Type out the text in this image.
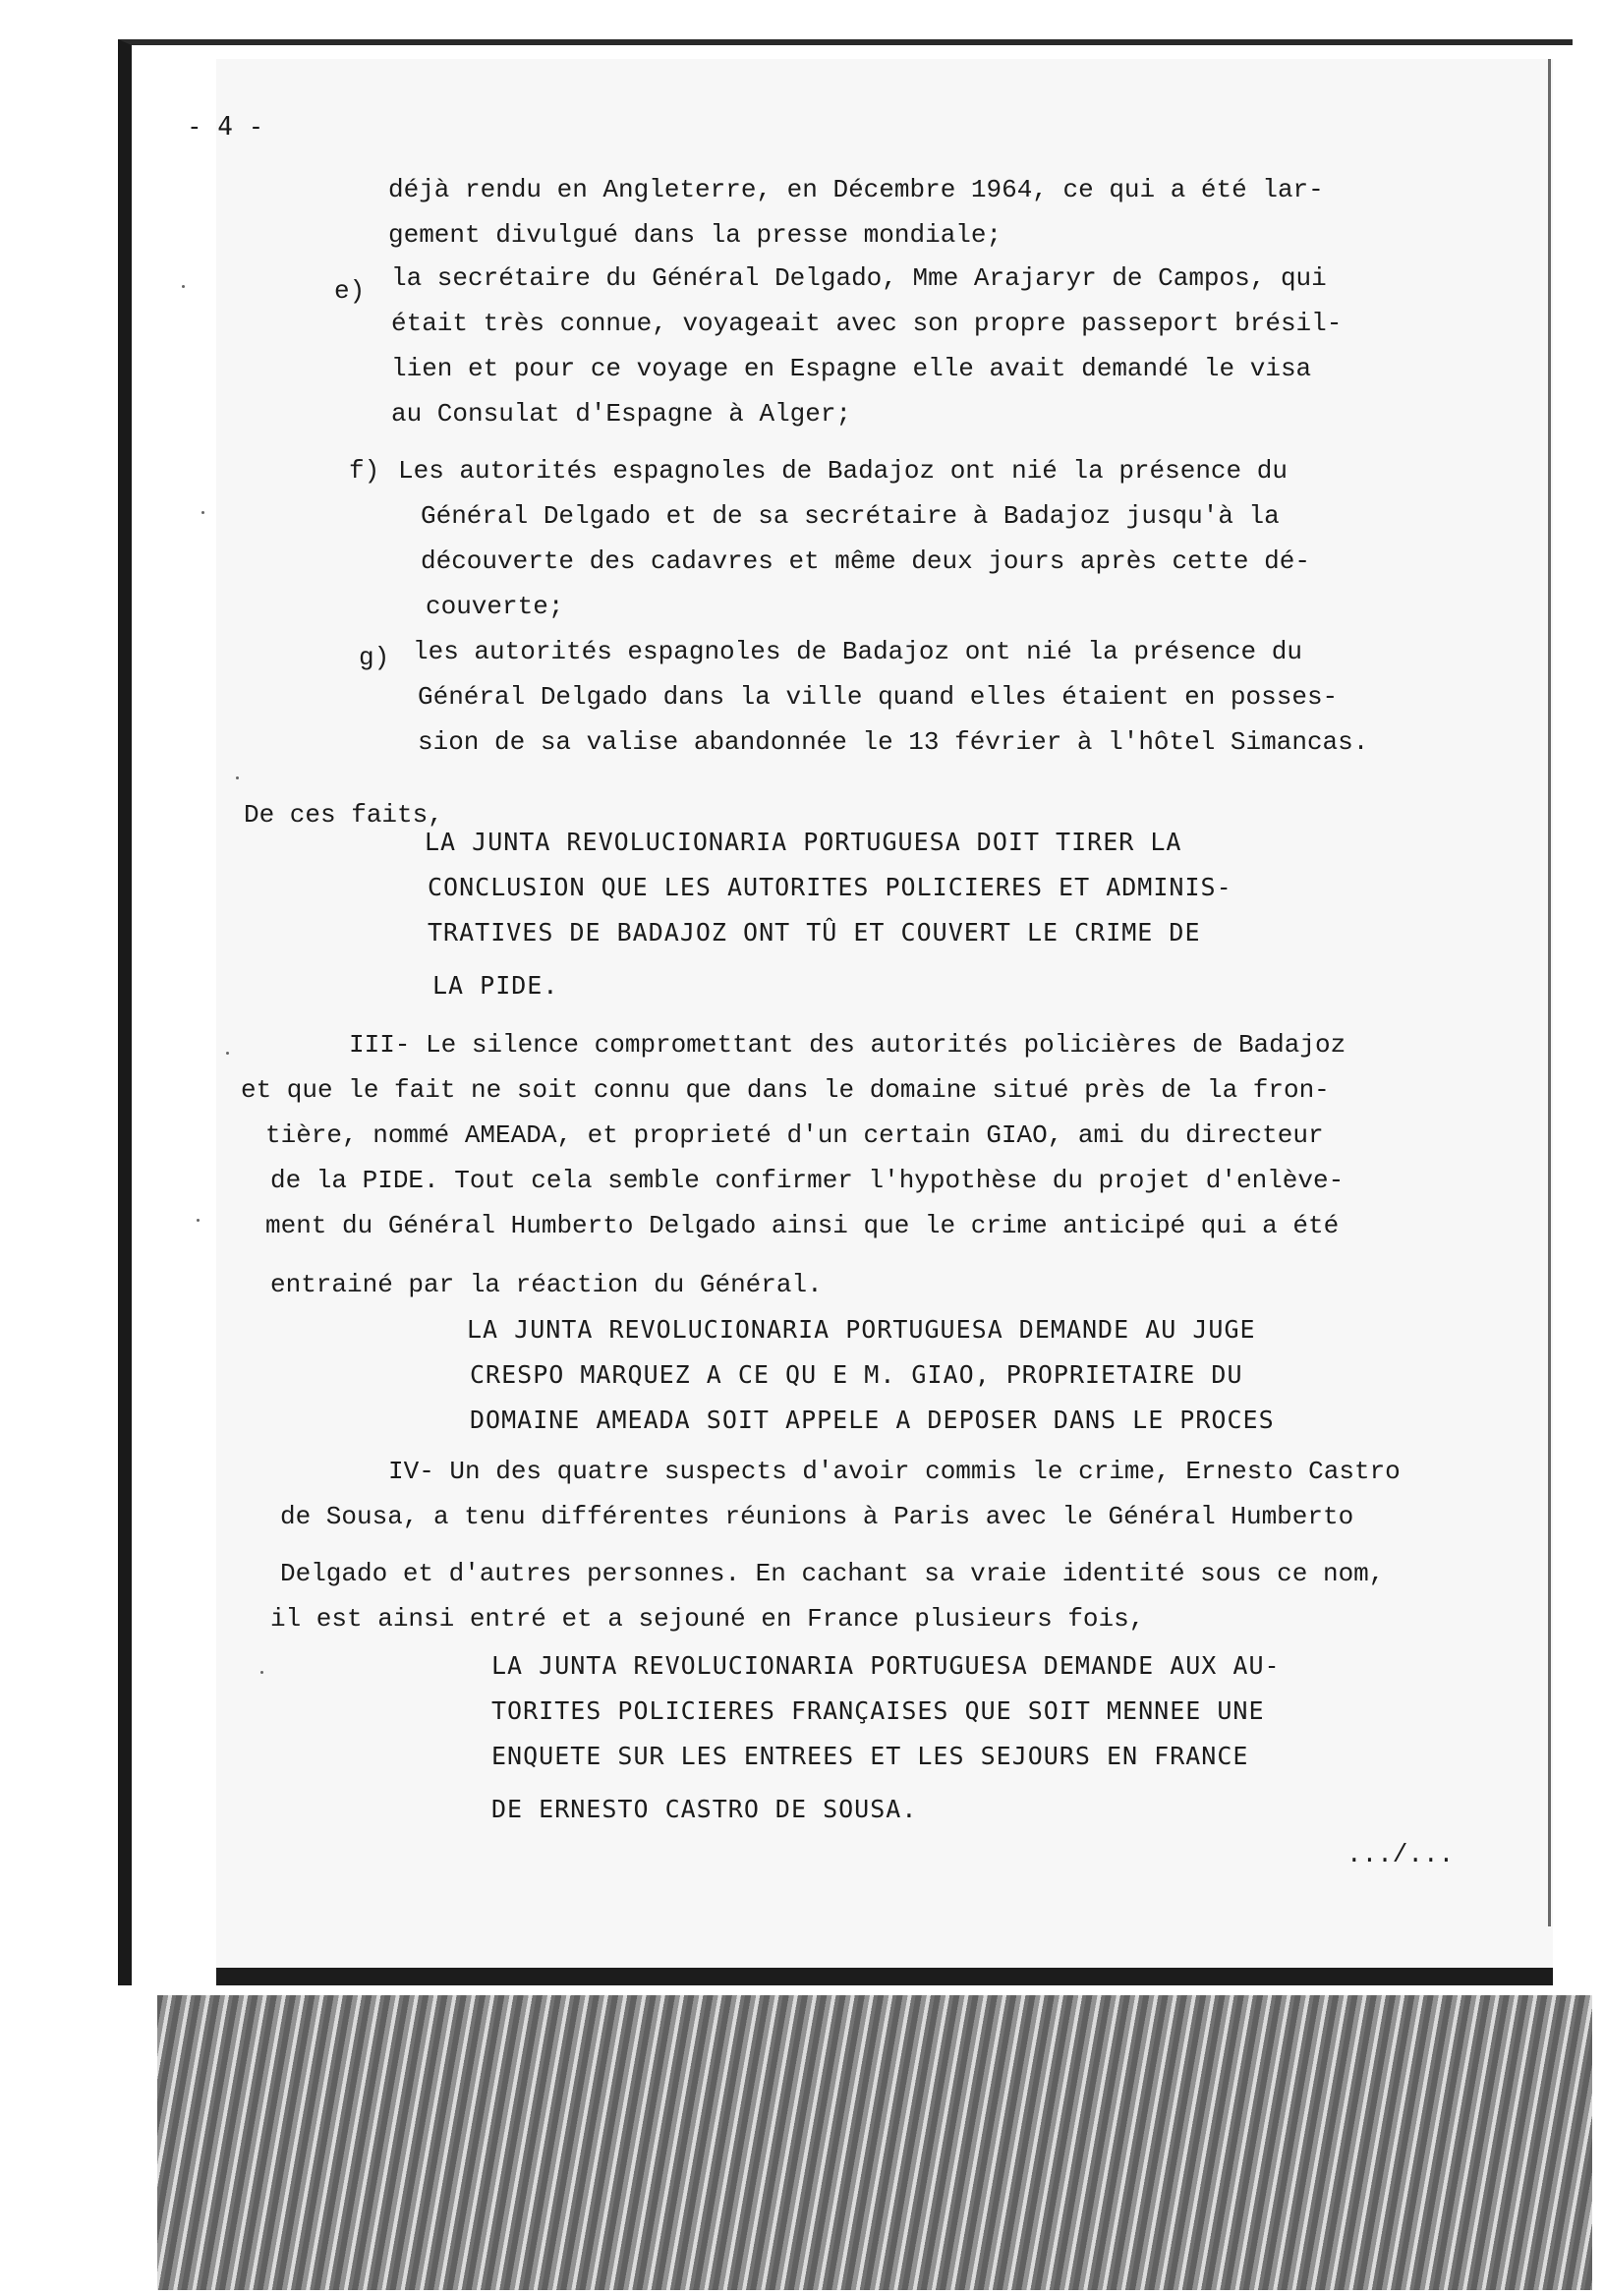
- 4 -
déjà rendu en Angleterre, en Décembre 1964, ce qui a été lar-
gement divulgué dans la presse mondiale;
e) la secrétaire du Général Delgado, Mme Arajaryr de Campos, qui
était très connue, voyageait avec son propre passeport brésil-
lien et pour ce voyage en Espagne elle avait demandé le visa
au Consulat d'Espagne à Alger;
f) Les autorités espagnoles de Badajoz ont nié la présence du
Général Delgado et de sa secrétaire à Badajoz jusqu'à la
découverte des cadavres et même deux jours après cette dé-
couverte;
g) les autorités espagnoles de Badajoz ont nié la présence du
Général Delgado dans la ville quand elles étaient en posses-
sion de sa valise abandonnée le 13 février à l'hôtel Simancas.
De ces faits,
LA JUNTA REVOLUCIONARIA PORTUGUESA DOIT TIRER LA
CONCLUSION QUE LES AUTORITES POLICIERES ET ADMINIS-
TRATIVES DE BADAJOZ ONT TÛ ET COUVERT LE CRIME DE
LA PIDE.
III- Le silence compromettant des autorités policières de Badajoz
et que le fait ne soit connu que dans le domaine situé près de la fron-
tière, nommé AMEADA, et proprieté d'un certain GIAO, ami du directeur
de la PIDE. Tout cela semble confirmer l'hypothèse du projet d'enlève-
ment du Général Humberto Delgado ainsi que le crime anticipé qui a été
entrainé par la réaction du Général.
LA JUNTA REVOLUCIONARIA PORTUGUESA DEMANDE AU JUGE
CRESPO MARQUEZ A CE QU E M. GIAO, PROPRIETAIRE DU
DOMAINE AMEADA SOIT APPELE A DEPOSER DANS LE PROCES
IV- Un des quatre suspects d'avoir commis le crime, Ernesto Castro
de Sousa, a tenu différentes réunions à Paris avec le Général Humberto
Delgado et d'autres personnes. En cachant sa vraie identité sous ce nom,
il est ainsi entré et a sejouné en France plusieurs fois,
LA JUNTA REVOLUCIONARIA PORTUGUESA DEMANDE AUX AU-
TORITES POLICIERES FRANÇAISES QUE SOIT MENNEE UNE
ENQUETE SUR LES ENTREES ET LES SEJOURS EN FRANCE
DE ERNESTO CASTRO DE SOUSA.
.../...
